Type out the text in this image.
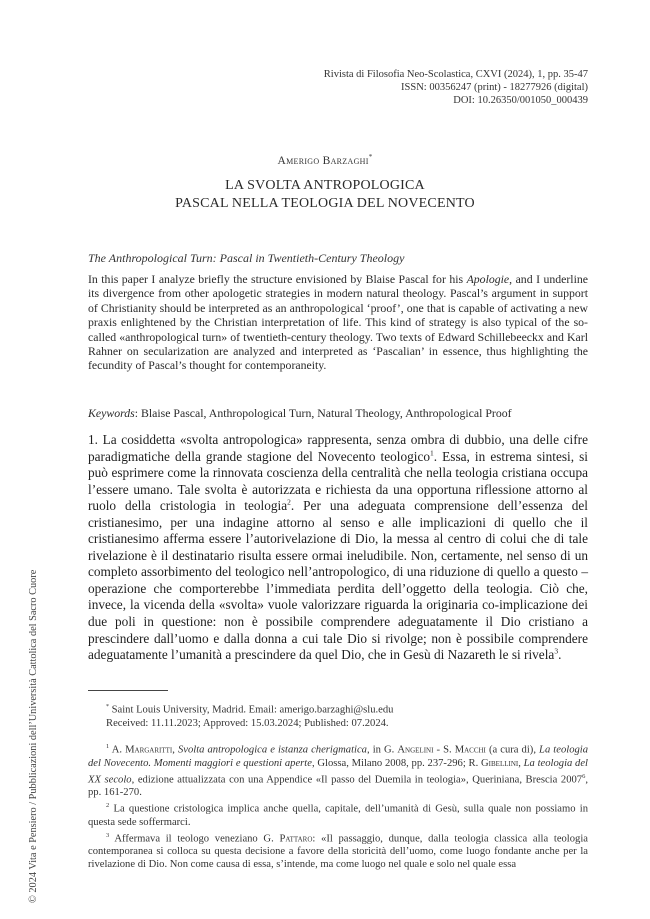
Rivista di Filosofia Neo-Scolastica, CXVI (2024), 1, pp. 35-47
ISSN: 00356247 (print) - 18277926 (digital)
DOI: 10.26350/001050_000439
Amerigo Barzaghi*
LA SVOLTA ANTROPOLOGICA
PASCAL NELLA TEOLOGIA DEL NOVECENTO
The Anthropological Turn: Pascal in Twentieth-Century Theology
In this paper I analyze briefly the structure envisioned by Blaise Pascal for his Apologie, and I underline its divergence from other apologetic strategies in modern natural theology. Pascal’s argument in support of Christianity should be interpreted as an anthropological ‘proof’, one that is capable of activating a new praxis enlightened by the Christian interpretation of life. This kind of strategy is also typical of the so-called «anthropological turn» of twentieth-century theology. Two texts of Edward Schillebeeckx and Karl Rahner on secularization are analyzed and interpreted as ‘Pascalian’ in essence, thus highlighting the fecundity of Pascal’s thought for contemporaneity.
Keywords: Blaise Pascal, Anthropological Turn, Natural Theology, Anthropological Proof
1. La cosiddetta «svolta antropologica» rappresenta, senza ombra di dubbio, una delle cifre paradigmatiche della grande stagione del Novecento teologico$^1$. Essa, in estrema sintesi, si può esprimere come la rinnovata coscienza della centralità che nella teologia cristiana occupa l’essere umano. Tale svolta è autorizzata e richiesta da una opportuna riflessione attorno al ruolo della cristologia in teologia$^2$. Per una adeguata comprensione dell’essenza del cristianesimo, per una indagine attorno al senso e alle implicazioni di quello che il cristianesimo afferma essere l’autorivelazione di Dio, la messa al centro di colui che di tale rivelazione è il destinatario risulta essere ormai ineludibile. Non, certamente, nel senso di un completo assorbimento del teologico nell’antropologico, di una riduzione di quello a questo – operazione che comporterebbe l’immediata perdita dell’oggetto della teologia. Ciò che, invece, la vicenda della «svolta» vuole valorizzare riguarda la originaria co-implicazione dei due poli in questione: non è possibile comprendere adeguatamente il Dio cristiano a prescindere dall’uomo e dalla donna a cui tale Dio si rivolge; non è possibile comprendere adeguatamente l’umanità a prescindere da quel Dio, che in Gesù di Nazareth le si rivela$^3$.
* Saint Louis University, Madrid. Email: amerigo.barzaghi@slu.edu
Received: 11.11.2023; Approved: 15.03.2024; Published: 07.2024.
$^1$ A. Margaritti, Svolta antropologica e istanza cherigmatica, in G. Angelini - S. Macchi (a cura di), La teologia del Novecento. Momenti maggiori e questioni aperte, Glossa, Milano 2008, pp. 237-296; R. Gibellini, La teologia del XX secolo, edizione attualizzata con una Appendice «Il passo del Duemila in teologia», Queriniana, Brescia 2007$^6$, pp. 161-270.
$^2$ La questione cristologica implica anche quella, capitale, dell’umanità di Gesù, sulla quale non possiamo in questa sede soffermarci.
$^3$ Affermava il teologo veneziano G. Pattaro: «Il passaggio, dunque, dalla teologia classica alla teologia contemporanea si colloca su questa decisione a favore della storicità dell’uomo, come luogo fondante anche per la rivelazione di Dio. Non come causa di essa, s’intende, ma come luogo nel quale e solo nel quale essa
© 2024 Vita e Pensiero / Pubblicazioni dell’Università Cattolica del Sacro Cuore
